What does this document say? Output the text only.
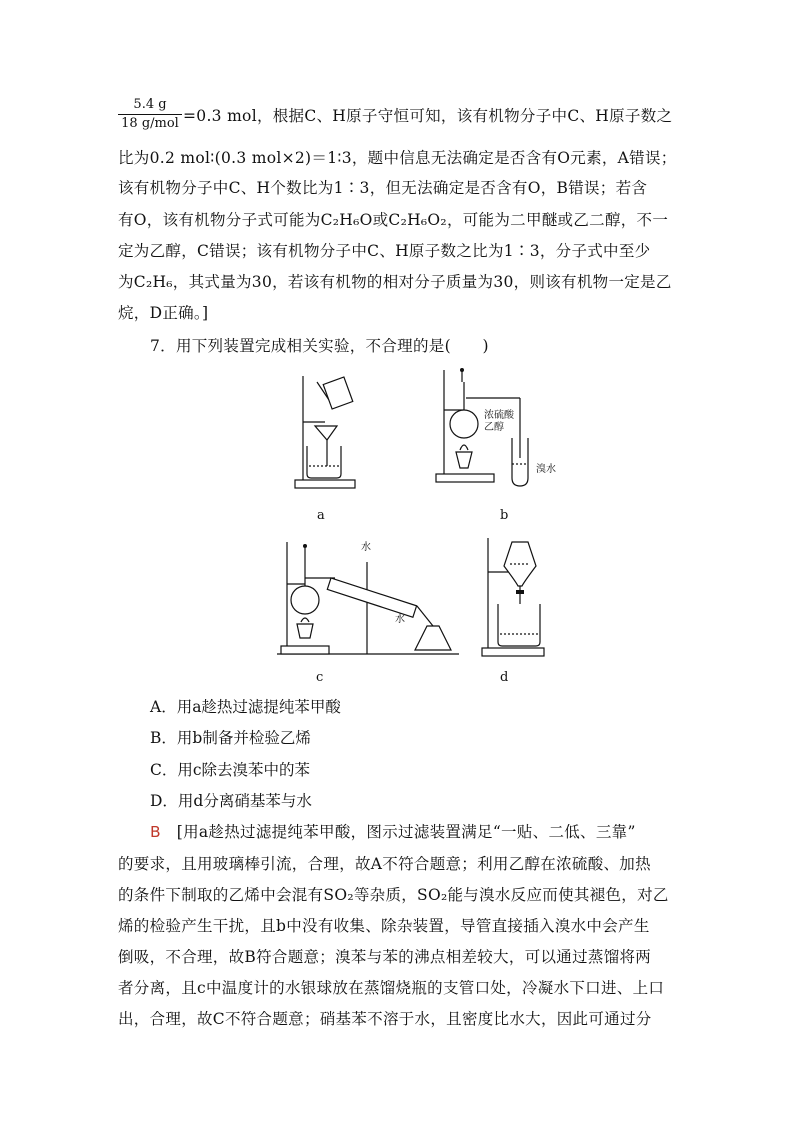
5.4 g
18 g/mol =0.3 mol，根据C、H原子守恒可知，该有机物分子中C、H原子数之
比为0.2 mol∶(0.3 mol×2)＝1∶3，题中信息无法确定是否含有O元素，A错误；
该有机物分子中C、H个数比为1∶3，但无法确定是否含有O，B错误；若含
有O，该有机物分子式可能为C₂H₆O或C₂H₆O₂，可能为二甲醚或乙二醇，不一
定为乙醇，C错误；该有机物分子中C、H原子数之比为1∶3，分子式中至少
为C₂H₆，其式量为30，若该有机物的相对分子质量为30，则该有机物一定是乙
烷，D正确。]
7．用下列装置完成相关实验，不合理的是(　　)
a
浓硫酸
乙醇
溴水
b
水
水
c	d
A．用a趁热过滤提纯苯甲酸
B．用b制备并检验乙烯
C．用c除去溴苯中的苯
D．用d分离硝基苯与水
B　[用a趁热过滤提纯苯甲酸，图示过滤装置满足“一贴、二低、三靠”
的要求，且用玻璃棒引流，合理，故A不符合题意；利用乙醇在浓硫酸、加热
的条件下制取的乙烯中会混有SO₂等杂质，SO₂能与溴水反应而使其褪色，对乙
烯的检验产生干扰，且b中没有收集、除杂装置，导管直接插入溴水中会产生
倒吸，不合理，故B符合题意；溴苯与苯的沸点相差较大，可以通过蒸馏将两
者分离，且c中温度计的水银球放在蒸馏烧瓶的支管口处，冷凝水下口进、上口
出，合理，故C不符合题意；硝基苯不溶于水，且密度比水大，因此可通过分
